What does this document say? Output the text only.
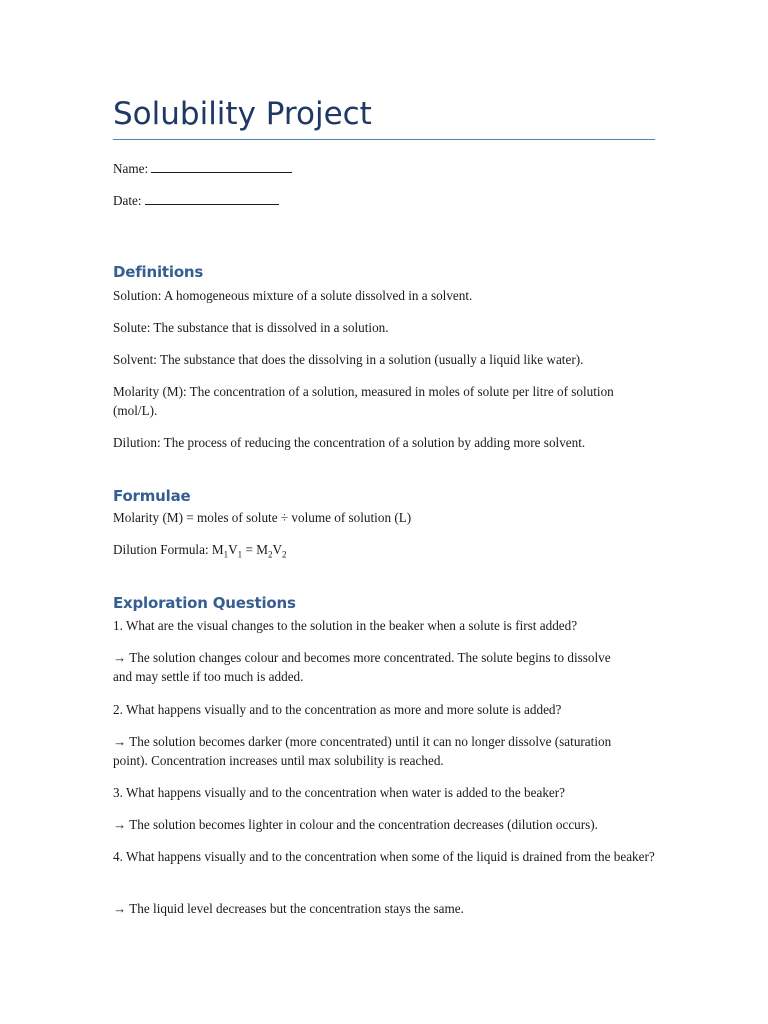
Solubility Project

Name:

Date:

Definitions

Solution: A homogeneous mixture of a solute dissolved in a solvent.

Solute: The substance that is dissolved in a solution.

Solvent: The substance that does the dissolving in a solution (usually a liquid like water).

Molarity (M): The concentration of a solution, measured in moles of solute per litre of solution (mol/L).

Dilution: The process of reducing the concentration of a solution by adding more solvent.

Formulae

Molarity (M) = moles of solute ÷ volume of solution (L)

Dilution Formula: $M_1V_1 = M_2V_2$

Exploration Questions

1. What are the visual changes to the solution in the beaker when a solute is first added?

→ The solution changes colour and becomes more concentrated. The solute begins to dissolve and may settle if too much is added.

2. What happens visually and to the concentration as more and more solute is added?

→ The solution becomes darker (more concentrated) until it can no longer dissolve (saturation point). Concentration increases until max solubility is reached.

3. What happens visually and to the concentration when water is added to the beaker?

→ The solution becomes lighter in colour and the concentration decreases (dilution occurs).

4. What happens visually and to the concentration when some of the liquid is drained from the beaker?

→ The liquid level decreases but the concentration stays the same.
